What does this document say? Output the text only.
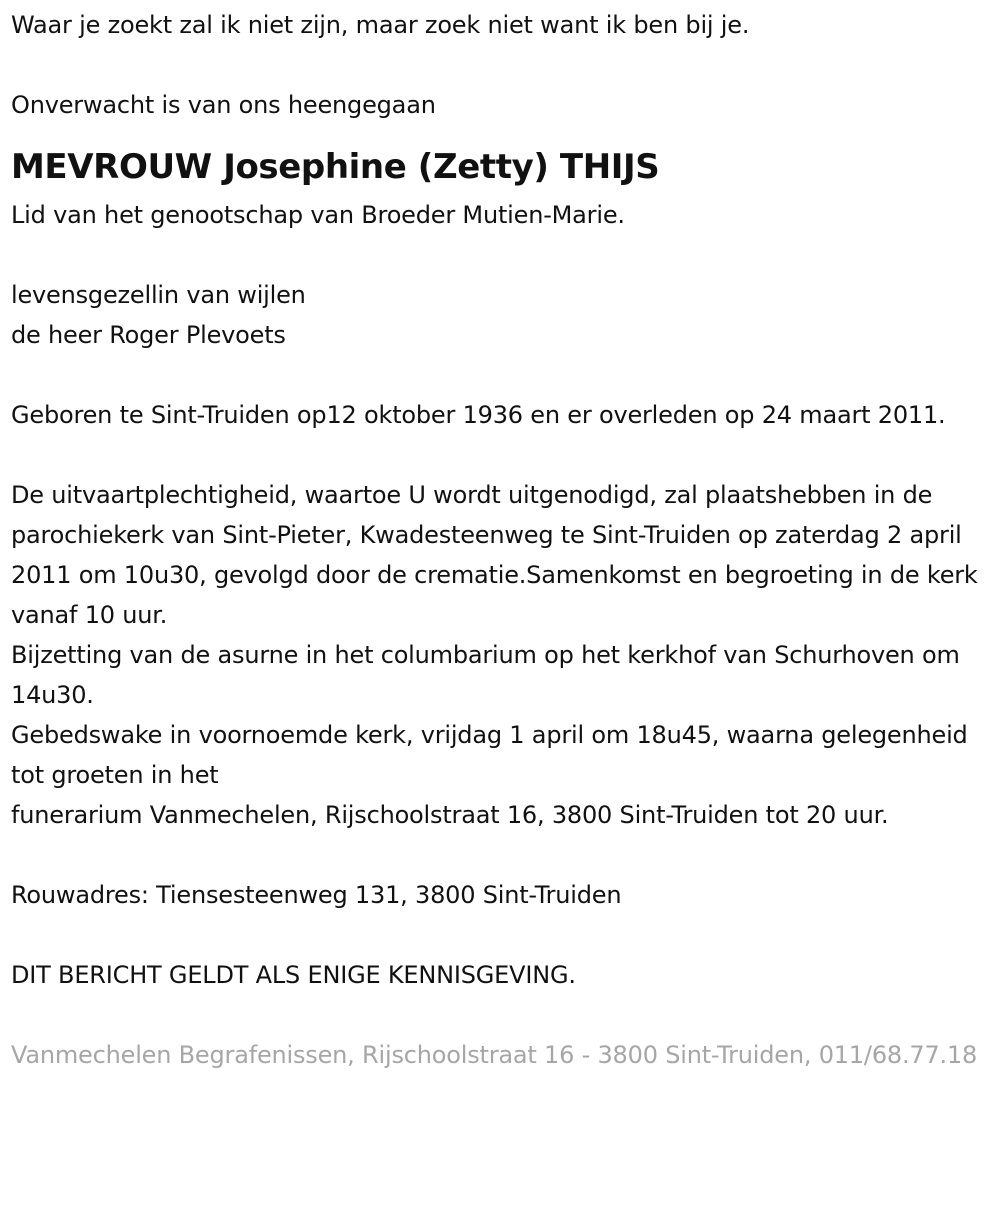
Waar je zoekt zal ik niet zijn, maar zoek niet want ik ben bij je.

Onverwacht is van ons heengegaan

MEVROUW Josephine (Zetty) THIJS

Lid van het genootschap van Broeder Mutien-Marie.

levensgezellin van wijlen

de heer Roger Plevoets

Geboren te Sint-Truiden op12 oktober 1936 en er overleden op 24 maart 2011.

De uitvaartplechtigheid, waartoe U wordt uitgenodigd, zal plaatshebben in de parochiekerk van Sint-Pieter, Kwadesteenweg te Sint-Truiden op zaterdag 2 april 2011 om 10u30, gevolgd door de crematie.Samenkomst en begroeting in de kerk vanaf 10 uur.

Bijzetting van de asurne in het columbarium op het kerkhof van Schurhoven om 14u30.

Gebedswake in voornoemde kerk, vrijdag 1 april om 18u45, waarna gelegenheid tot groeten in het

funerarium Vanmechelen, Rijschoolstraat 16, 3800 Sint-Truiden tot 20 uur.

Rouwadres: Tiensesteenweg 131, 3800 Sint-Truiden

DIT BERICHT GELDT ALS ENIGE KENNISGEVING.

Vanmechelen Begrafenissen, Rijschoolstraat 16 - 3800 Sint-Truiden, 011/68.77.18
